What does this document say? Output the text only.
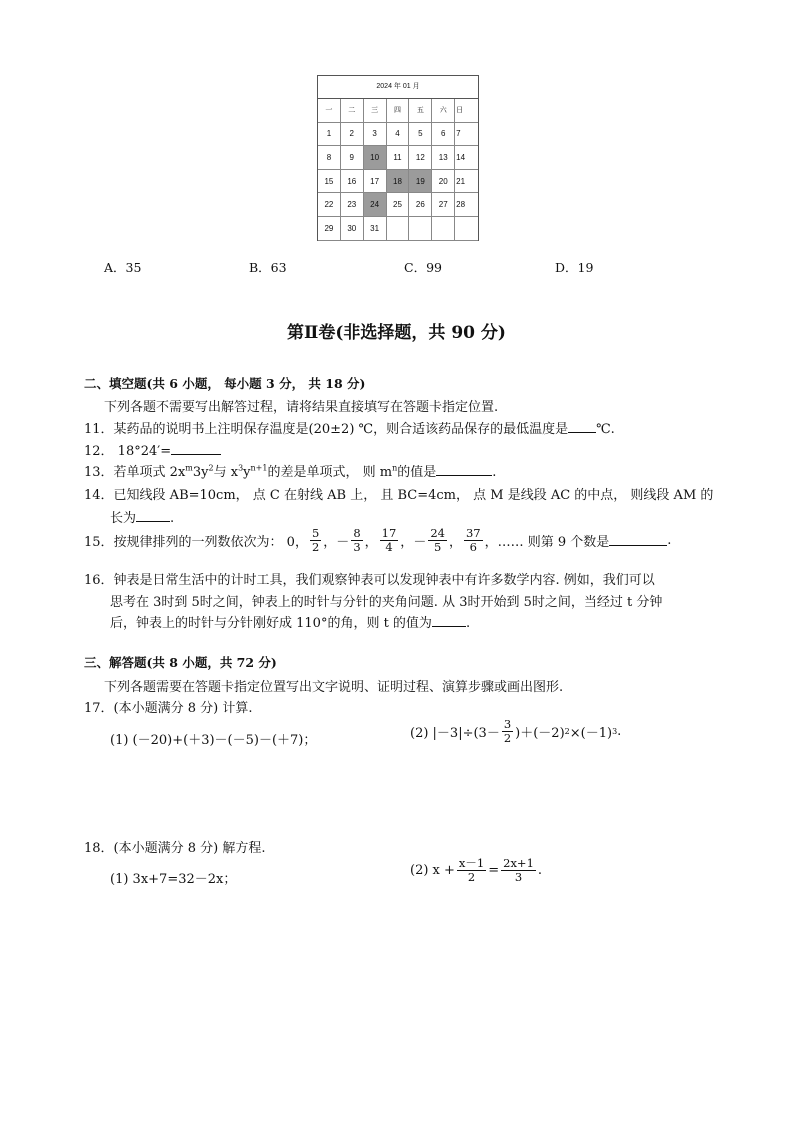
2024 年 01 月
一	二	三	四	五	六	日
1	2	3	4	5	6	7
8	9	10	11	12	13	14
15	16	17	18	19	20	21
22	23	24	25	26	27	28
29	30	31
A．35	B．63	C．99	D．19
第Ⅱ卷(非选择题，共 90 分)
二、填空题(共 6 小题， 每小题 3 分， 共 18 分)
下列各题不需要写出解答过程，请将结果直接填写在答题卡指定位置.
11．某药品的说明书上注明保存温度是(20±2) ℃，则合适该药品保存的最低温度是 ℃.
12． 18°24′=
13．若单项式 $2x^m3y^2$与 $x^3y^{n+1}$的差是单项式， 则 $m^n$的值是	.
14．已知线段 AB=10cm， 点 C 在射线 AB 上， 且 BC=4cm， 点 M 是线段 AC 的中点， 则线段 AM 的
长为	.
15．按规律排列的一列数依次为： 0， $\frac{5}{2}$ ， － $\frac{8}{3}$ ， $\frac{17}{4}$ ， － $\frac{24}{5}$ ， $\frac{37}{6}$ ，…… 则第 9 个数是	.
16．钟表是日常生活中的计时工具，我们观察钟表可以发现钟表中有许多数学内容. 例如，我们可以
思考在 3时到 5时之间，钟表上的时针与分针的夹角问题. 从 3时开始到 5时之间，当经过 t 分钟
后，钟表上的时针与分针刚好成 110°的角，则 t 的值为	.
三、解答题(共 8 小题，共 72 分)
下列各题需要在答题卡指定位置写出文字说明、证明过程、演算步骤或画出图形.
17．(本小题满分 8 分) 计算.
(1) (－20)+(＋3)－(－5)－(＋7)；	(2) $|-3|\div(3- \frac{3}{2} )+(-2)$ 2 ×(－1) 3 .
18．(本小题满分 8 分) 解方程.
(1) 3x+7=32－2x；
(2) $x + \frac{x-1}{2} = \frac{2x+1}{3}$ .
